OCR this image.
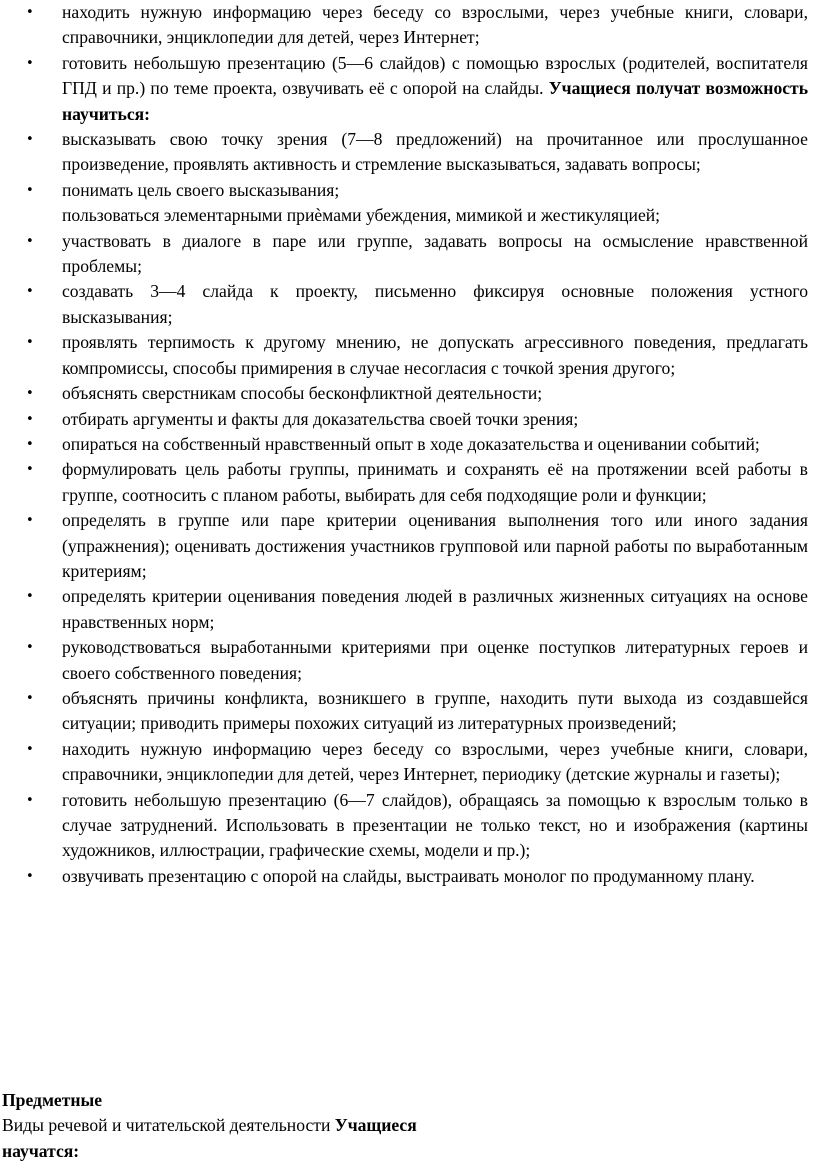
• находить нужную информацию через беседу со взрослыми, через учебные книги, словари, справочники, энциклопедии для детей, через Интернет;
• готовить небольшую презентацию (5—6 слайдов) с помощью взрослых (родителей, воспитателя ГПД и пр.) по теме проекта, озвучивать её с опорой на слайды. Учащиеся получат возможность научиться:
• высказывать свою точку зрения (7—8 предложений) на прочитанное или прослушанное произведение, проявлять активность и стремление высказываться, задавать вопросы;
• понимать цель своего высказывания;
пользоваться элементарными приѐмами убеждения, мимикой и жестикуляцией;
• участвовать в диалоге в паре или группе, задавать вопросы на осмысление нравственной проблемы;
• создавать 3—4 слайда к проекту, письменно фиксируя основные положения устного высказывания;
• проявлять терпимость к другому мнению, не допускать агрессивного поведения, предлагать компромиссы, способы примирения в случае несогласия с точкой зрения другого;
• объяснять сверстникам способы бесконфликтной деятельности;
• отбирать аргументы и факты для доказательства своей точки зрения;
• опираться на собственный нравственный опыт в ходе доказательства и оценивании событий;
• формулировать цель работы группы, принимать и сохранять её на протяжении всей работы в группе, соотносить с планом работы, выбирать для себя подходящие роли и функции;
• определять в группе или паре критерии оценивания выполнения того или иного задания (упражнения); оценивать достижения участников групповой или парной работы по выработанным критериям;
• определять критерии оценивания поведения людей в различных жизненных ситуациях на основе нравственных норм;
• руководствоваться выработанными критериями при оценке поступков литературных героев и своего собственного поведения;
• объяснять причины конфликта, возникшего в группе, находить пути выхода из создавшейся ситуации; приводить примеры похожих ситуаций из литературных произведений;
• находить нужную информацию через беседу со взрослыми, через учебные книги, словари, справочники, энциклопедии для детей, через Интернет, периодику (детские журналы и газеты);
• готовить небольшую презентацию (6—7 слайдов), обращаясь за помощью к взрослым только в случае затруднений. Использовать в презентации не только текст, но и изображения (картины художников, иллюстрации, графические схемы, модели и пр.);
• озвучивать презентацию с опорой на слайды, выстраивать монолог по продуманному плану.
Предметные
Виды речевой и читательской деятельности Учащиеся
научатся:
